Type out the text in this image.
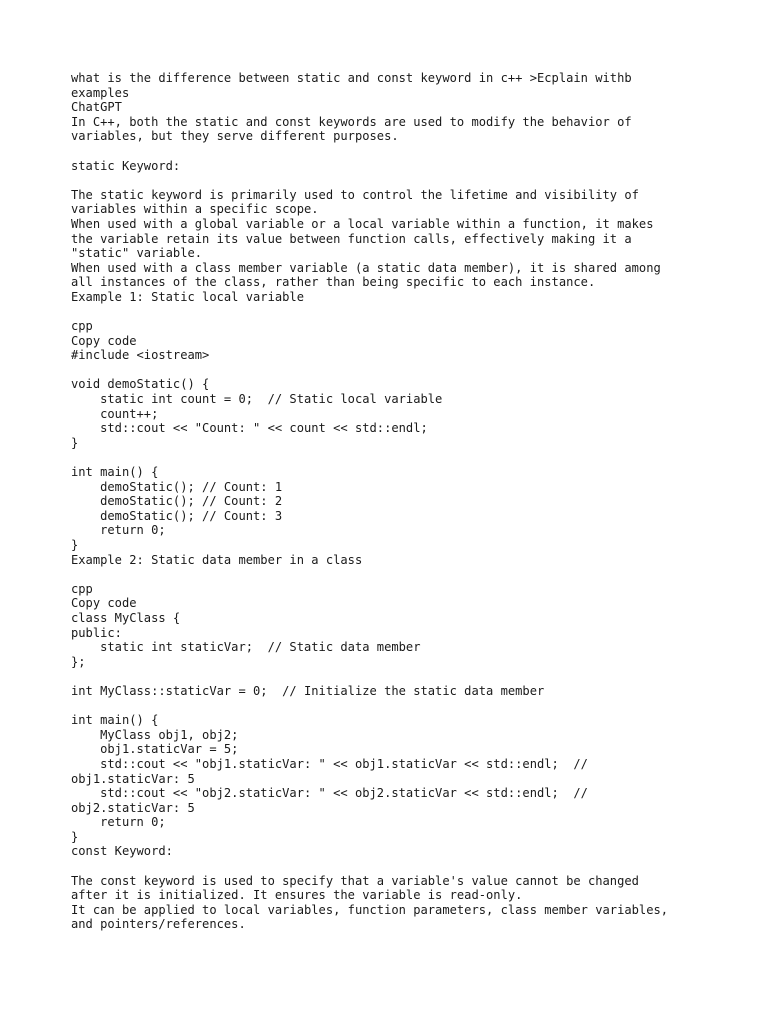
what is the difference between static and const keyword in c++ >Ecplain withb
examples
ChatGPT
In C++, both the static and const keywords are used to modify the behavior of
variables, but they serve different purposes.
static Keyword:
The static keyword is primarily used to control the lifetime and visibility of
variables within a specific scope.
When used with a global variable or a local variable within a function, it makes
the variable retain its value between function calls, effectively making it a
"static" variable.
When used with a class member variable (a static data member), it is shared among
all instances of the class, rather than being specific to each instance.
Example 1: Static local variable
cpp
Copy code
#include <iostream>
void demoStatic() {
static int count = 0;  // Static local variable
count++;
std::cout << "Count: " << count << std::endl;
}
int main() {
demoStatic(); // Count: 1
demoStatic(); // Count: 2
demoStatic(); // Count: 3
return 0;
}
Example 2: Static data member in a class
cpp
Copy code
class MyClass {
public:
static int staticVar;  // Static data member
};
int MyClass::staticVar = 0;  // Initialize the static data member
int main() {
MyClass obj1, obj2;
obj1.staticVar = 5;
std::cout << "obj1.staticVar: " << obj1.staticVar << std::endl;  //
obj1.staticVar: 5
std::cout << "obj2.staticVar: " << obj2.staticVar << std::endl;  //
obj2.staticVar: 5
return 0;
}
const Keyword:
The const keyword is used to specify that a variable's value cannot be changed
after it is initialized. It ensures the variable is read-only.
It can be applied to local variables, function parameters, class member variables,
and pointers/references.
